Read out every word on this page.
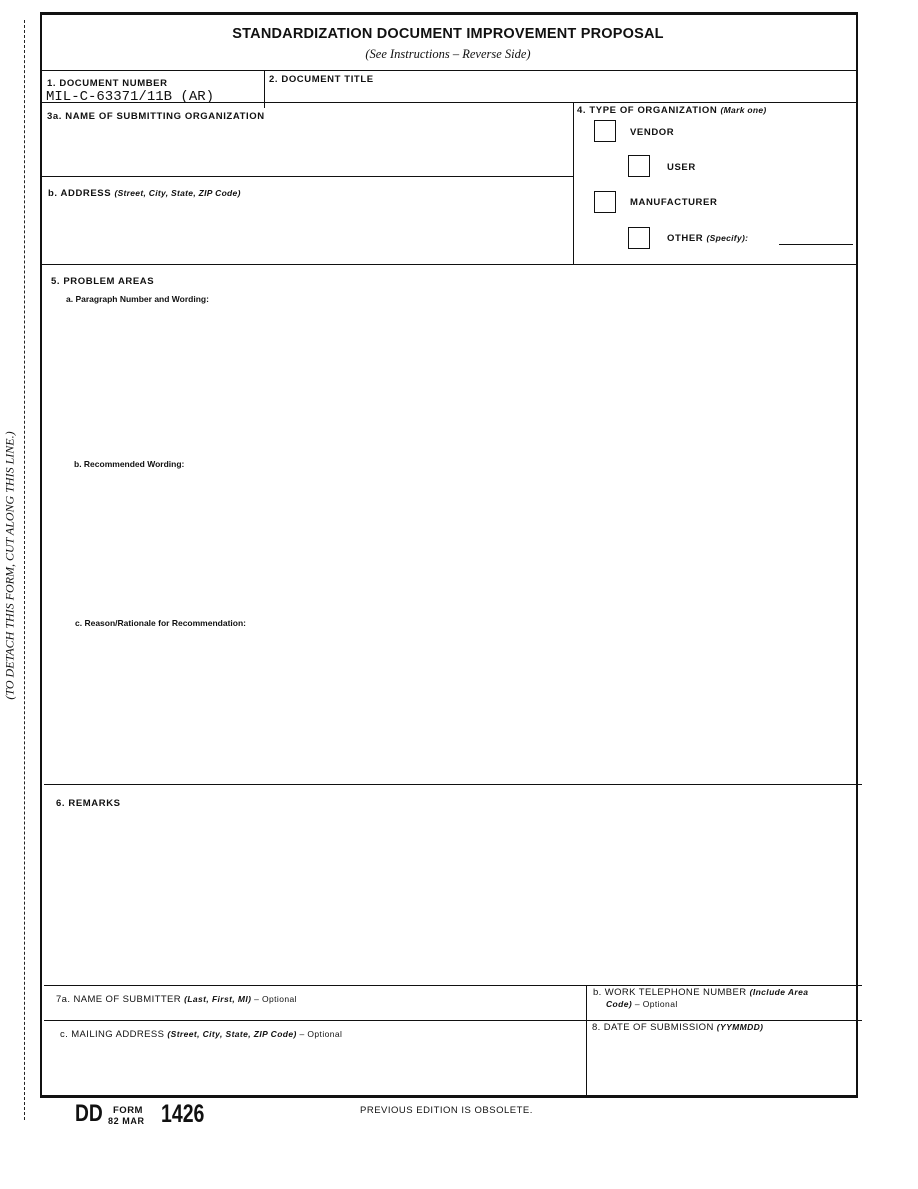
(TO DETACH THIS FORM, CUT ALONG THIS LINE.)
STANDARDIZATION DOCUMENT IMPROVEMENT PROPOSAL
(See Instructions – Reverse Side)
1. DOCUMENT NUMBER
MIL-C-63371/11B (AR)
2. DOCUMENT TITLE
3a. NAME OF SUBMITTING ORGANIZATION
b. ADDRESS (Street, City, State, ZIP Code)
4. TYPE OF ORGANIZATION (Mark one)
VENDOR
USER
MANUFACTURER
OTHER (Specify):
5. PROBLEM AREAS
a. Paragraph Number and Wording:
b. Recommended Wording:
c. Reason/Rationale for Recommendation:
6. REMARKS
7a. NAME OF SUBMITTER (Last, First, MI) – Optional
b. WORK TELEPHONE NUMBER (Include Area
Code) – Optional
c. MAILING ADDRESS (Street, City, State, ZIP Code) – Optional
8. DATE OF SUBMISSION (YYMMDD)
DD FORM
82 MAR 1426	PREVIOUS EDITION IS OBSOLETE.
